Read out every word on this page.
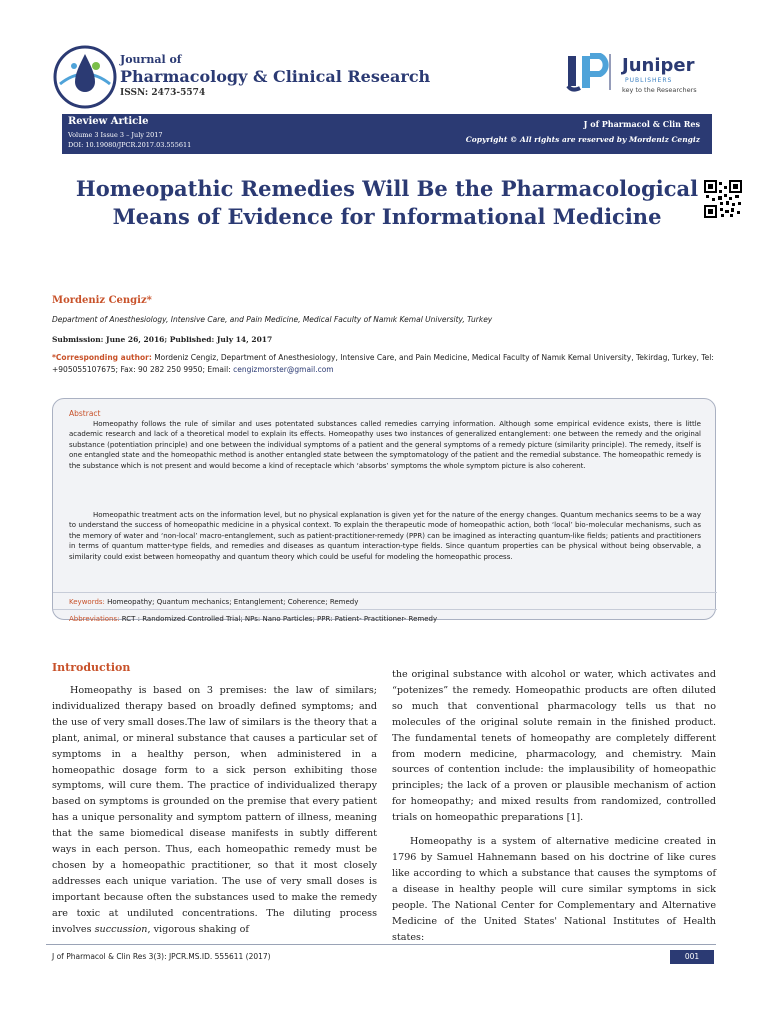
Journal of
Pharmacology & Clinical Research
ISSN: 2473-5574
Juniper
PUBLISHERS
key to the Researchers
Review Article
Volume 3 Issue 3 – July 2017
DOI: 10.19080/JPCR.2017.03.555611
J of Pharmacol & Clin Res
Copyright © All rights are reserved by Mordeniz Cengiz
Homeopathic Remedies Will Be the Pharmacological Means of Evidence for Informational Medicine
Mordeniz Cengiz*
Department of Anesthesiology, Intensive Care, and Pain Medicine, Medical Faculty of Namık Kemal University, Turkey
Submission: June 26, 2016; Published: July 14, 2017
*Corresponding author: Mordeniz Cengiz, Department of Anesthesiology, Intensive Care, and Pain Medicine, Medical Faculty of Namık Kemal University, Tekirdag, Turkey, Tel: +905055107675; Fax: 90 282 250 9950; Email: cengizmorster@gmail.com
Abstract
Homeopathy follows the rule of similar and uses potentated substances called remedies carrying information. Although some empirical evidence exists, there is little academic research and lack of a theoretical model to explain its effects. Homeopathy uses two instances of generalized entanglement: one between the remedy and the original substance (potentiation principle) and one between the individual symptoms of a patient and the general symptoms of a remedy picture (similarity principle). The remedy, itself is one entangled state and the homeopathic method is another entangled state between the symptomatology of the patient and the remedial substance. The homeopathic remedy is the substance which is not present and would become a kind of receptacle which ‘absorbs’ symptoms the whole symptom picture is also coherent.
Homeopathic treatment acts on the information level, but no physical explanation is given yet for the nature of the energy changes. Quantum mechanics seems to be a way to understand the success of homeopathic medicine in a physical context. To explain the therapeutic mode of homeopathic action, both ‘local’ bio-molecular mechanisms, such as the memory of water and ‘non-local’ macro-entanglement, such as patient-practitioner-remedy (PPR) can be imagined as interacting quantum-like fields; patients and practitioners in terms of quantum matter-type fields, and remedies and diseases as quantum interaction-type fields. Since quantum properties can be physical without being observable, a similarity could exist between homeopathy and quantum theory which could be useful for modeling the homeopathic process.
Keywords: Homeopathy; Quantum mechanics; Entanglement; Coherence; Remedy
Abbreviations: RCT : Randomized Controlled Trial; NPs: Nano Particles; PPR: Patient- Practitioner- Remedy
Introduction

Homeopathy is based on 3 premises: the law of similars; individualized therapy based on broadly defined symptoms; and the use of very small doses.The law of similars is the theory that a plant, animal, or mineral substance that causes a particular set of symptoms in a healthy person, when administered in a homeopathic dosage form to a sick person exhibiting those symptoms, will cure them. The practice of individualized therapy based on symptoms is grounded on the premise that every patient has a unique personality and symptom pattern of illness, meaning that the same biomedical disease manifests in subtly different ways in each person. Thus, each homeopathic remedy must be chosen by a homeopathic practitioner, so that it most closely addresses each unique variation. The use of very small doses is important because often the substances used to make the remedy are toxic at undiluted concentrations. The diluting process involves succussion, vigorous shaking of

the original substance with alcohol or water, which activates and “potenizes” the remedy. Homeopathic products are often diluted so much that conventional pharmacology tells us that no molecules of the original solute remain in the finished product. The fundamental tenets of homeopathy are completely different from modern medicine, pharmacology, and chemistry. Main sources of contention include: the implausibility of homeopathic principles; the lack of a proven or plausible mechanism of action for homeopathy; and mixed results from randomized, controlled trials on homeopathic preparations [1].

Homeopathy is a system of alternative medicine created in 1796 by Samuel Hahnemann based on his doctrine of like cures like according to which a substance that causes the symptoms of a disease in healthy people will cure similar symptoms in sick people. The National Center for Complementary and Alternative Medicine of the United States' National Institutes of Health states:

J of Pharmacol & Clin Res 3(3): JPCR.MS.ID. 555611 (2017)	001
